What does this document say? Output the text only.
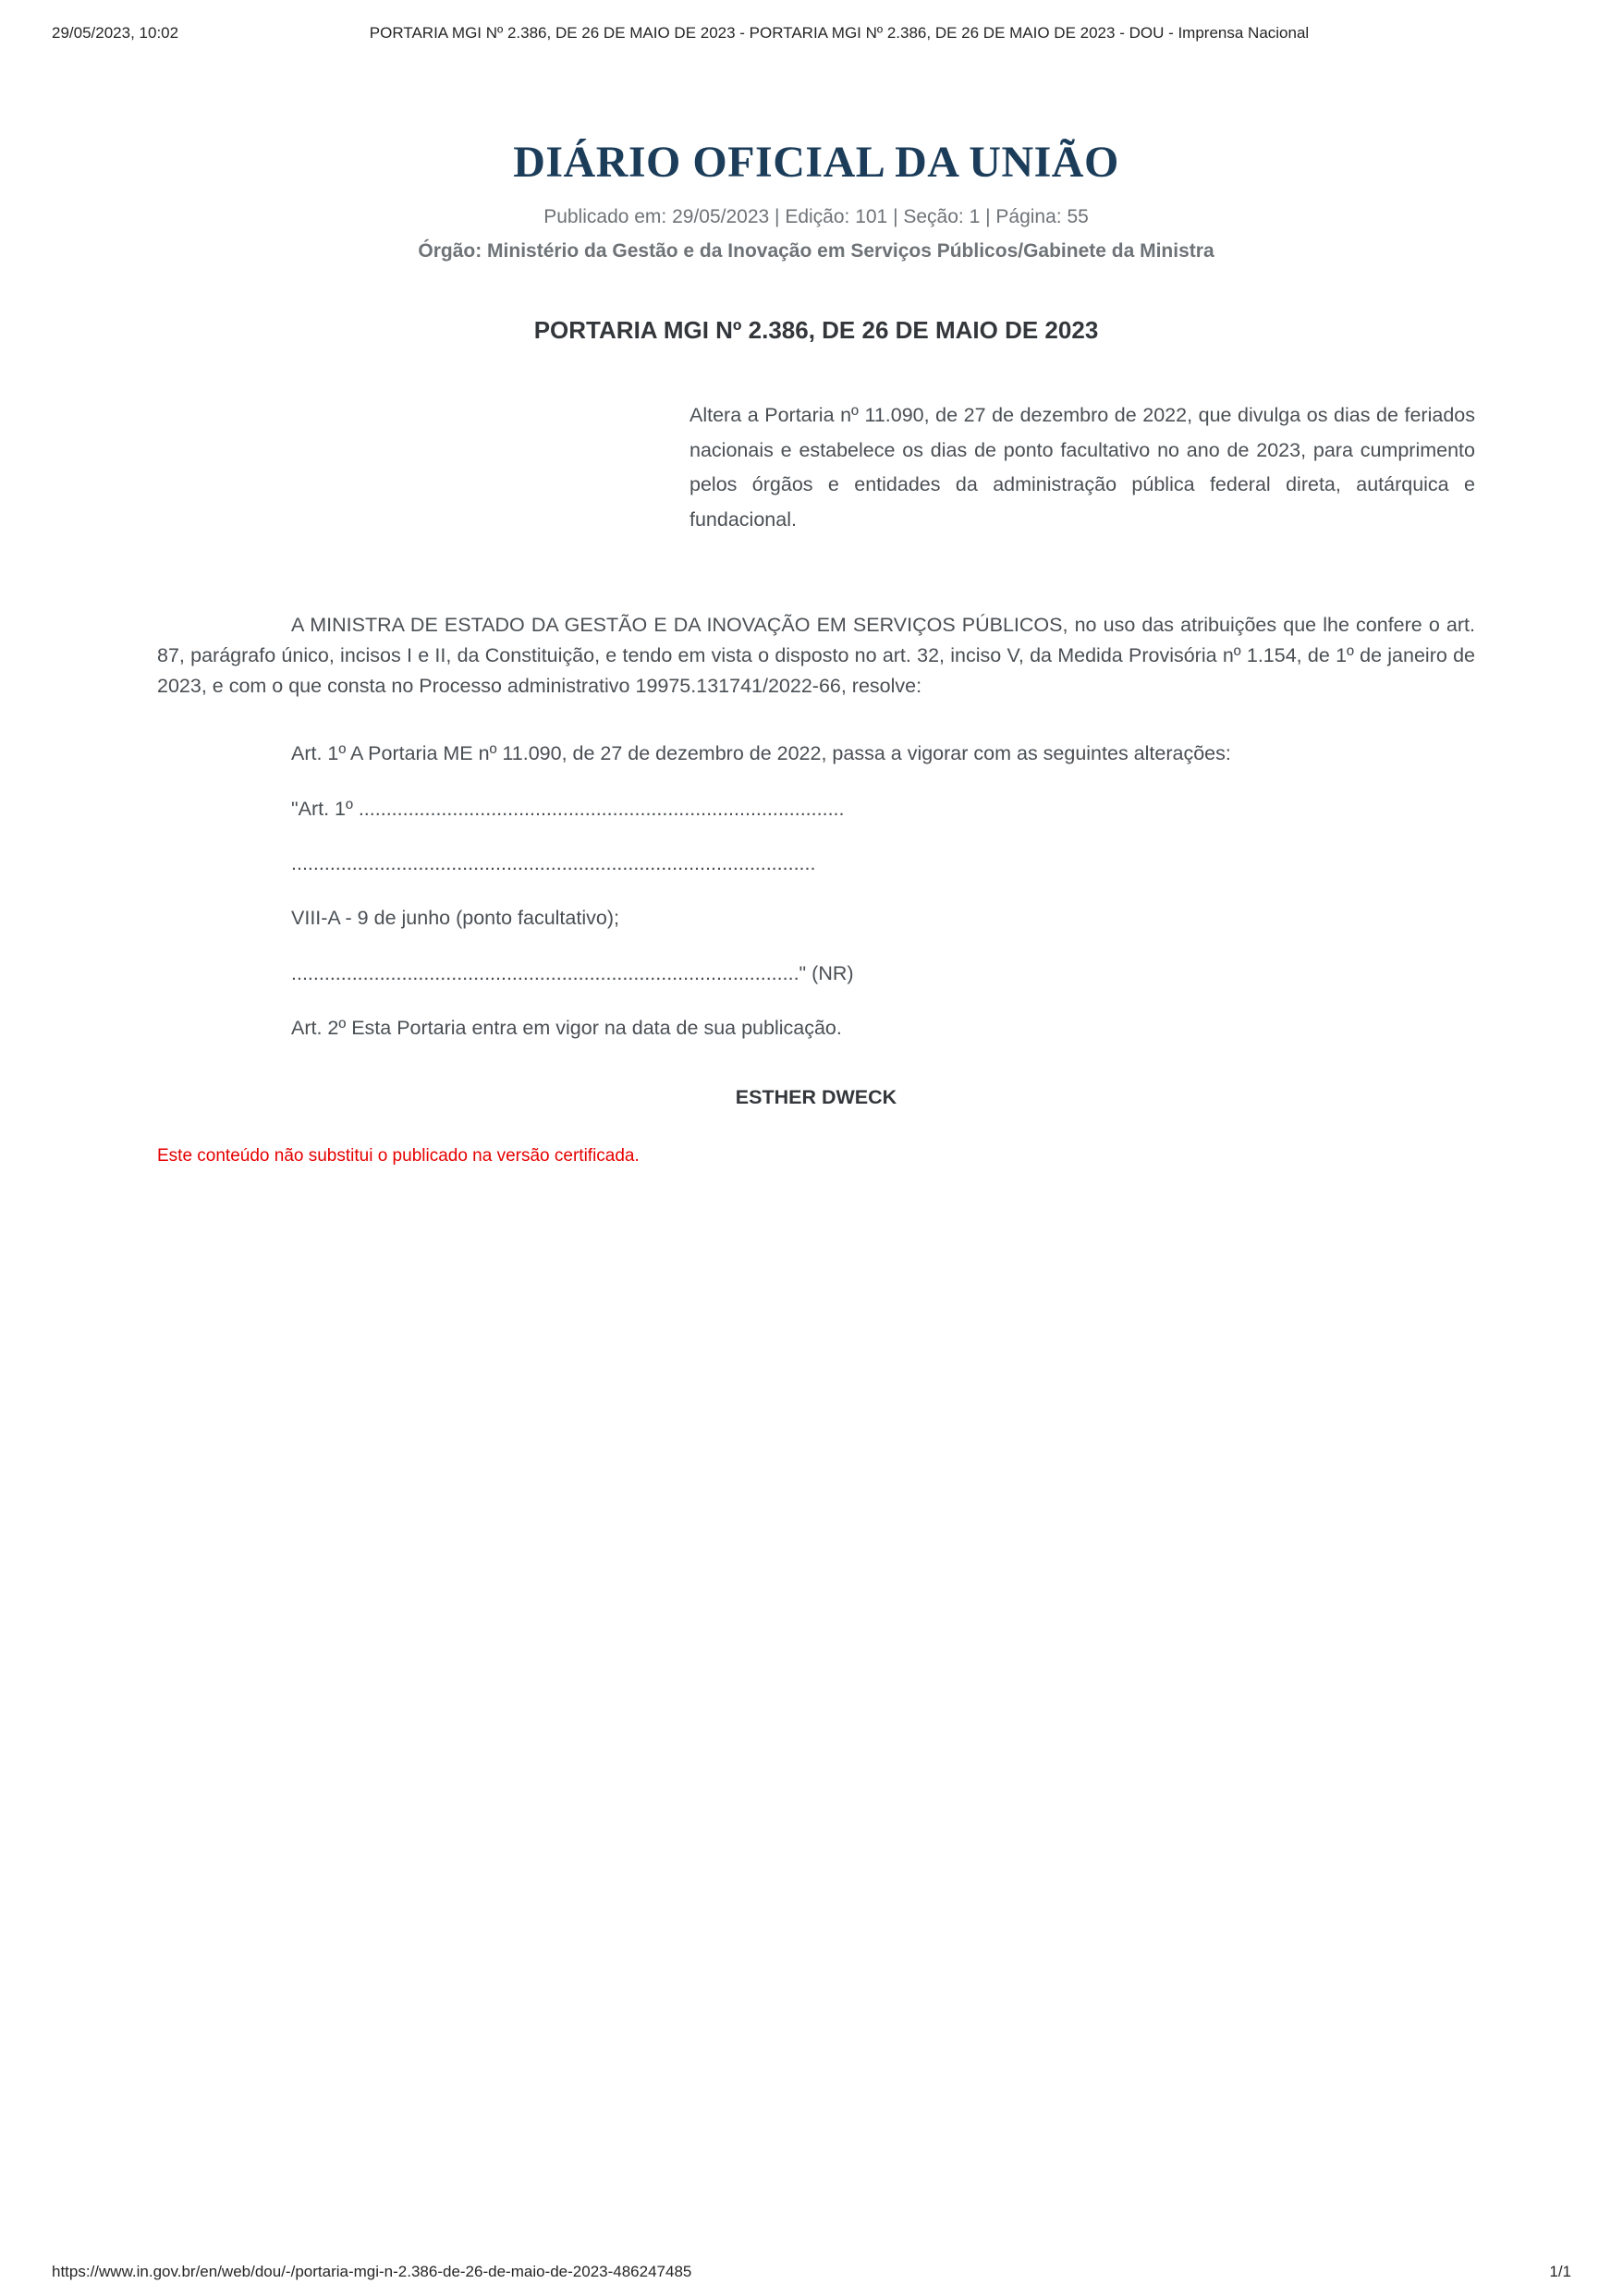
29/05/2023, 10:02	PORTARIA MGI Nº 2.386, DE 26 DE MAIO DE 2023 - PORTARIA MGI Nº 2.386, DE 26 DE MAIO DE 2023 - DOU - Imprensa Nacional
DIÁRIO OFICIAL DA UNIÃO

Publicado em: 29/05/2023 | Edição: 101 | Seção: 1 | Página: 55

Órgão: Ministério da Gestão e da Inovação em Serviços Públicos/Gabinete da Ministra

PORTARIA MGI Nº 2.386, DE 26 DE MAIO DE 2023

Altera a Portaria nº 11.090, de 27 de dezembro de 2022, que divulga os dias de feriados nacionais e estabelece os dias de ponto facultativo no ano de 2023, para cumprimento pelos órgãos e entidades da administração pública federal direta, autárquica e fundacional.

A MINISTRA DE ESTADO DA GESTÃO E DA INOVAÇÃO EM SERVIÇOS PÚBLICOS, no uso das atribuições que lhe confere o art. 87, parágrafo único, incisos I e II, da Constituição, e tendo em vista o disposto no art. 32, inciso V, da Medida Provisória nº 1.154, de 1º de janeiro de 2023, e com o que consta no Processo administrativo 19975.131741/2022-66, resolve:

Art. 1º A Portaria ME nº 11.090, de 27 de dezembro de 2022, passa a vigorar com as seguintes alterações:

"Art. 1º ........................................................................................

...............................................................................................

VIII-A - 9 de junho (ponto facultativo);

............................................................................................" (NR)

Art. 2º Esta Portaria entra em vigor na data de sua publicação.

ESTHER DWECK

Este conteúdo não substitui o publicado na versão certificada.

https://www.in.gov.br/en/web/dou/-/portaria-mgi-n-2.386-de-26-de-maio-de-2023-486247485	1/1
